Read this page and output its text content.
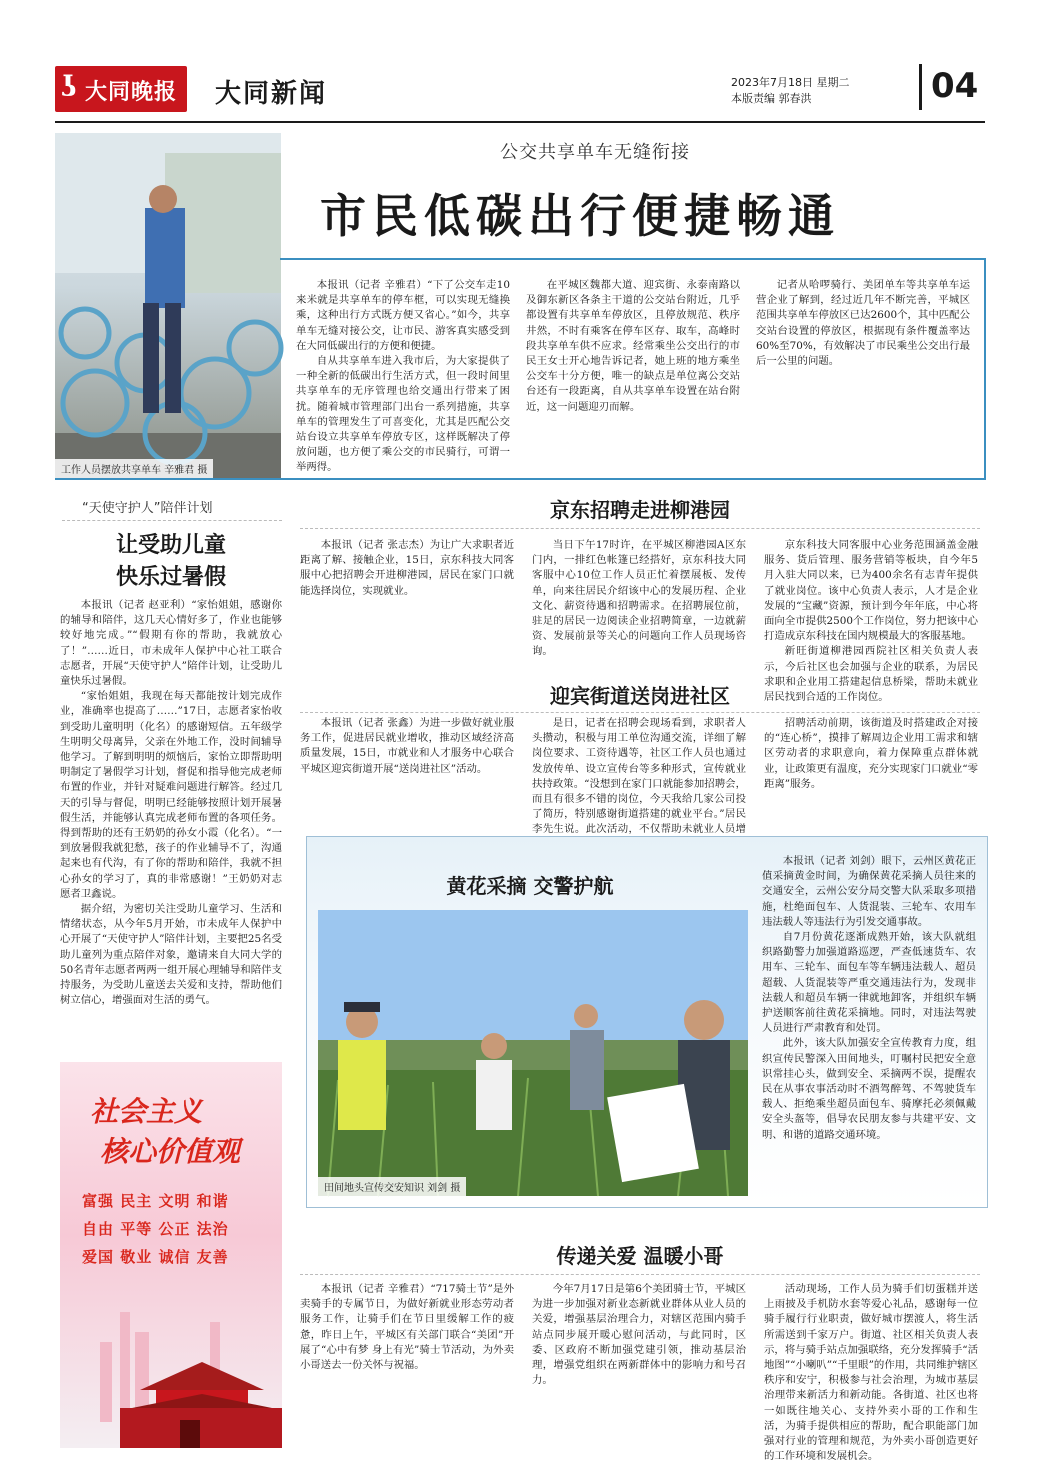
ʖ 大同晚报 大同新闻	2023年7月18日 星期二
本版责编 郭春洪	04
工作人员摆放共享单车 辛雅君 摄
公交共享单车无缝衔接
市民低碳出行便捷畅通

本报讯（记者 辛雅君）“下了公交车走10来米就是共享单车的停车框，可以实现无缝换乘，这种出行方式既方便又省心。”如今，共享单车无缝对接公交，让市民、游客真实感受到在大同低碳出行的方便和便捷。

自从共享单车进入我市后，为大家提供了一种全新的低碳出行生活方式，但一段时间里共享单车的无序管理也给交通出行带来了困扰。随着城市管理部门出台一系列措施，共享单车的管理发生了可喜变化，尤其是匹配公交站台设立共享单车停放专区，这样既解决了停放问题，也方便了乘公交的市民骑行，可谓一举两得。

在平城区魏都大道、迎宾街、永泰南路以及御东新区各条主干道的公交站台附近，几乎都设置有共享单车停放区，且停放规范、秩序井然，不时有乘客在停车区存、取车，高峰时段共享单车供不应求。经常乘坐公交出行的市民王女士开心地告诉记者，她上班的地方乘坐公交车十分方便，唯一的缺点是单位离公交站台还有一段距离，自从共享单车设置在站台附近，这一问题迎刃而解。

记者从哈啰骑行、美团单车等共享单车运营企业了解到，经过近几年不断完善，平城区范围共享单车停放区已达2600个，其中匹配公交站台设置的停放区，根据现有条件覆盖率达60%至70%，有效解决了市民乘坐公交出行最后一公里的问题。

“天使守护人”陪伴计划
让受助儿童
快乐过暑假

本报讯（记者 赵亚利）“家怡姐姐，感谢你的辅导和陪伴，这几天心情好多了，作业也能够较好地完成。”“假期有你的帮助，我就放心了！”……近日，市未成年人保护中心社工联合志愿者，开展“天使守护人”陪伴计划，让受助儿童快乐过暑假。

“家怡姐姐，我现在每天都能按计划完成作业，准确率也提高了……”17日，志愿者家怡收到受助儿童明明（化名）的感谢短信。五年级学生明明父母离异，父亲在外地工作，没时间辅导他学习。了解到明明的烦恼后，家怡立即帮助明明制定了暑假学习计划，督促和指导他完成老师布置的作业，并针对疑难问题进行解答。经过几天的引导与督促，明明已经能够按照计划开展暑假生活，并能够认真完成老师布置的各项任务。得到帮助的还有王奶奶的孙女小霞（化名）。“一到放暑假我就犯愁，孩子的作业辅导不了，沟通起来也有代沟，有了你的帮助和陪伴，我就不担心孙女的学习了，真的非常感谢！”王奶奶对志愿者卫鑫说。

据介绍，为密切关注受助儿童学习、生活和情绪状态，从今年5月开始，市未成年人保护中心开展了“天使守护人”陪伴计划，主要把25名受助儿童列为重点陪伴对象，邀请来自大同大学的50名青年志愿者两两一组开展心理辅导和陪伴支持服务，为受助儿童送去关爱和支持，帮助他们树立信心，增强面对生活的勇气。

社会主义
核心价值观
富强 民主 文明 和谐
自由 平等 公正 法治
爱国 敬业 诚信 友善
京东招聘走进柳港园

本报讯（记者 张志杰）为让广大求职者近距离了解、接触企业，15日，京东科技大同客服中心把招聘会开进柳港园，居民在家门口就能选择岗位，实现就业。

当日下午17时许，在平城区柳港园A区东门内，一排红色帐篷已经搭好，京东科技大同客服中心10位工作人员正忙着摆展板、发传单，向来往居民介绍该中心的发展历程、企业文化、薪资待遇和招聘需求。在招聘展位前，驻足的居民一边阅读企业招聘简章，一边就薪资、发展前景等关心的问题向工作人员现场咨询。

京东科技大同客服中心业务范围涵盖金融服务、货后管理、服务营销等板块，自今年5月入驻大同以来，已为400余名有志青年提供了就业岗位。该中心负责人表示，人才是企业发展的“宝藏”资源，预计到今年年底，中心将面向全市提供2500个工作岗位，努力把该中心打造成京东科技在国内规模最大的客服基地。

新旺街道柳港园西院社区相关负责人表示，今后社区也会加强与企业的联系，为居民求职和企业用工搭建起信息桥梁，帮助未就业居民找到合适的工作岗位。

迎宾街道送岗进社区

本报讯（记者 张鑫）为进一步做好就业服务工作，促进居民就业增收，推动区域经济高质量发展，15日，市就业和人才服务中心联合平城区迎宾街道开展“送岗进社区”活动。

是日，记者在招聘会现场看到，求职者人头攒动，积极与用工单位沟通交流，详细了解岗位要求、工资待遇等，社区工作人员也通过发放传单、设立宣传台等多种形式，宣传就业扶持政策。“没想到在家门口就能参加招聘会，而且有很多不错的岗位，今天我给几家公司投了简历，特别感谢街道搭建的就业平台。”居民李先生说。此次活动，不仅帮助未就业人员增

招聘活动前期，该街道及时搭建政企对接的“连心桥”，摸排了解周边企业用工需求和辖区劳动者的求职意向，着力保障重点群体就业，让政策更有温度，充分实现家门口就业“零距离”服务。

黄花采摘 交警护航
田间地头宣传交安知识 刘剑 摄

本报讯（记者 刘剑）眼下，云州区黄花正值采摘黄金时间，为确保黄花采摘人员往来的交通安全，云州公安分局交警大队采取多项措施，杜绝面包车、人货混装、三轮车、农用车违法载人等违法行为引发交通事故。

自7月份黄花逐渐成熟开始，该大队就组织路勤警力加强道路巡逻，严查低速货车、农用车、三轮车、面包车等车辆违法载人、超员超载、人货混装等严重交通违法行为，发现非法载人和超员车辆一律就地卸客，并组织车辆护送顺客前往黄花采摘地。同时，对违法驾驶人员进行严肃教育和处罚。

此外，该大队加强安全宣传教育力度，组织宣传民警深入田间地头，叮嘱村民把安全意识常挂心头，做到安全、采摘两不误，提醒农民在从事农事活动时不酒驾醉驾、不驾驶货车载人、拒绝乘坐超员面包车、骑摩托必须佩戴安全头盔等，倡导农民朋友参与共建平安、文明、和谐的道路交通环境。

传递关爱 温暖小哥

本报讯（记者 辛雅君）“717骑士节”是外卖骑手的专属节日，为做好新就业形态劳动者服务工作，让骑手们在节日里缓解工作的疲惫，昨日上午，平城区有关部门联合“美团”开展了“心中有梦 身上有光”骑士节活动，为外卖小哥送去一份关怀与祝福。

今年7月17日是第6个美团骑士节，平城区为进一步加强对新业态新就业群体从业人员的关爱，增强基层治理合力，对辖区范围内骑手站点同步展开暖心慰问活动，与此同时，区委、区政府不断加强党建引领，推动基层治理，增强党组织在两新群体中的影响力和号召力。

活动现场，工作人员为骑手们切蛋糕并送上雨披及手机防水套等爱心礼品，感谢每一位骑手履行行业职责，做好城市摆渡人，将生活所需送到千家万户。街道、社区相关负责人表示，将与骑手站点加强联络，充分发挥骑手“活地图”“小喇叭”“千里眼”的作用，共同维护辖区秩序和安宁，积极参与社会治理，为城市基层治理带来新活力和新动能。各街道、社区也将一如既往地关心、支持外卖小哥的工作和生活，为骑手提供相应的帮助，配合职能部门加强对行业的管理和规范，为外卖小哥创造更好的工作环境和发展机会。
